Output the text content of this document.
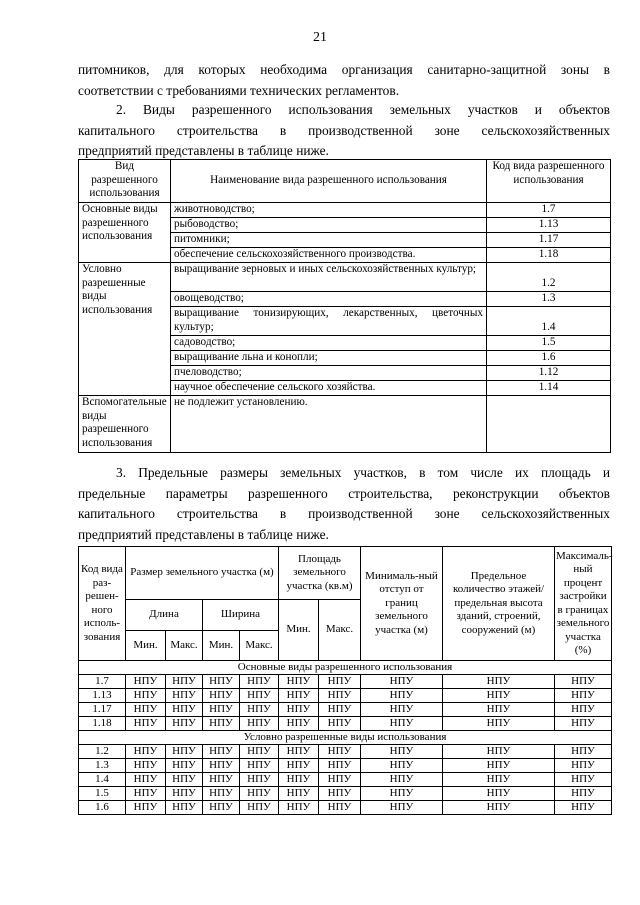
21

питомников, для которых необходима организация санитарно-защитной зоны в
соответствии с требованиями технических регламентов.

2. Виды разрешенного использования земельных участков и объектов
капитального строительства в производственной зоне сельскохозяйственных
предприятий представлены в таблице ниже.

Вид разрешенного использования	Наименование вида разрешенного использования	Код вида разрешенного использования
Основные виды разрешенного использования	животноводство;	1.7
	рыбоводство;	1.13
	питомники;	1.17
	обеспечение сельскохозяйственного производства.	1.18
Условно разрешенные виды использования	выращивание зерновых и иных сельскохозяйственных культур;	1.2
	овощеводство;	1.3
	выращивание тонизирующих, лекарственных, цветочных культур;	1.4
	садоводство;	1.5
	выращивание льна и конопли;	1.6
	пчеловодство;	1.12
	научное обеспечение сельского хозяйства.	1.14
Вспомогательные виды разрешенного использования	не подлежит установлению.	

3. Предельные размеры земельных участков, в том числе их площадь и
предельные параметры разрешенного строительства, реконструкции объектов
капитального строительства в производственной зоне сельскохозяйственных
предприятий представлены в таблице ниже.

Код вида раз-решен-ного исполь-зования	Размер земельного участка (м)				Площадь земельного участка (кв.м)		Минималь-ный отступ от границ земельного участка (м)	Предельное количество этажей/ предельная высота зданий, строений, сооружений (м)	Максималь-ный процент застройки в границах земельного участка (%)
	Длина		Ширина		Мин.	Макс.			
	Мин.	Макс.	Мин.	Макс.					
Основные виды разрешенного использования									
1.7	НПУ	НПУ	НПУ	НПУ	НПУ	НПУ	НПУ	НПУ	НПУ
1.13	НПУ	НПУ	НПУ	НПУ	НПУ	НПУ	НПУ	НПУ	НПУ
1.17	НПУ	НПУ	НПУ	НПУ	НПУ	НПУ	НПУ	НПУ	НПУ
1.18	НПУ	НПУ	НПУ	НПУ	НПУ	НПУ	НПУ	НПУ	НПУ
Условно разрешенные виды использования									
1.2	НПУ	НПУ	НПУ	НПУ	НПУ	НПУ	НПУ	НПУ	НПУ
1.3	НПУ	НПУ	НПУ	НПУ	НПУ	НПУ	НПУ	НПУ	НПУ
1.4	НПУ	НПУ	НПУ	НПУ	НПУ	НПУ	НПУ	НПУ	НПУ
1.5	НПУ	НПУ	НПУ	НПУ	НПУ	НПУ	НПУ	НПУ	НПУ
1.6	НПУ	НПУ	НПУ	НПУ	НПУ	НПУ	НПУ	НПУ	НПУ
